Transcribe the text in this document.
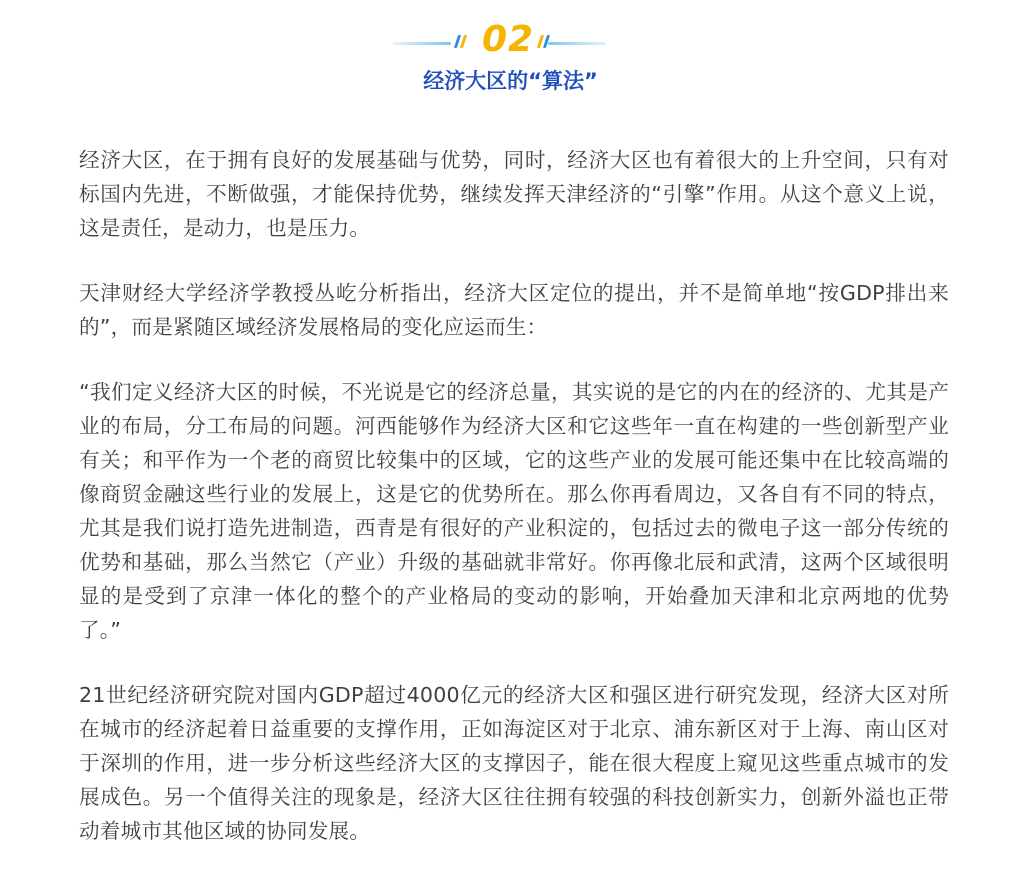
02
经济大区的“算法”

经济大区，在于拥有良好的发展基础与优势，同时，经济大区也有着很大的上升空间，只有对标国内先进，不断做强，才能保持优势，继续发挥天津经济的“引擎”作用。从这个意义上说，这是责任，是动力，也是压力。

天津财经大学经济学教授丛屹分析指出，经济大区定位的提出，并不是简单地“按GDP排出来的”，而是紧随区域经济发展格局的变化应运而生：

“我们定义经济大区的时候，不光说是它的经济总量，其实说的是它的内在的经济的、尤其是产业的布局，分工布局的问题。河西能够作为经济大区和它这些年一直在构建的一些创新型产业有关；和平作为一个老的商贸比较集中的区域，它的这些产业的发展可能还集中在比较高端的像商贸金融这些行业的发展上，这是它的优势所在。那么你再看周边，又各自有不同的特点，尤其是我们说打造先进制造，西青是有很好的产业积淀的，包括过去的微电子这一部分传统的优势和基础，那么当然它（产业）升级的基础就非常好。你再像北辰和武清，这两个区域很明显的是受到了京津一体化的整个的产业格局的变动的影响，开始叠加天津和北京两地的优势了。”

21世纪经济研究院对国内GDP超过4000亿元的经济大区和强区进行研究发现，经济大区对所在城市的经济起着日益重要的支撑作用，正如海淀区对于北京、浦东新区对于上海、南山区对于深圳的作用，进一步分析这些经济大区的支撑因子，能在很大程度上窥见这些重点城市的发展成色。另一个值得关注的现象是，经济大区往往拥有较强的科技创新实力，创新外溢也正带动着城市其他区域的协同发展。
